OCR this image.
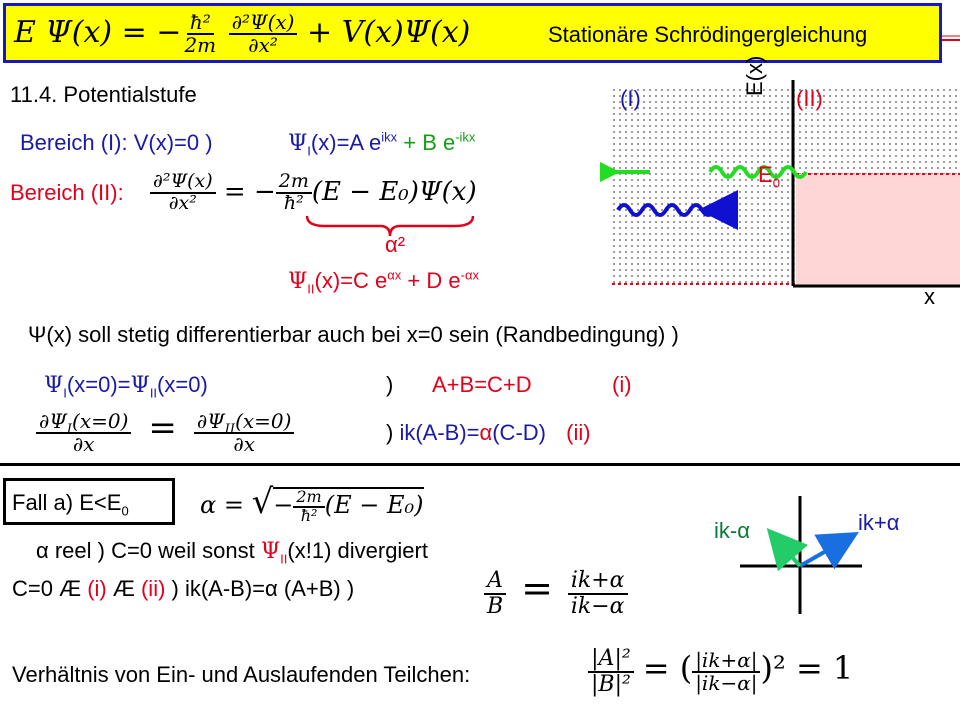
E Ψ(x) = − $\frac{\text{ħ²}}{2m}$
$\frac{\text{∂²Ψ(x)}}{\text{∂x²}} + V(x)\Psi(x)$	Stationäre Schrödingergleichung
11.4. Potentialstufe
Bereich (I): V(x)=0 )	$\Psi_I(x)=A$ $e^{ikx} + B$ $e^{-ikx}$
Bereich (II): $\frac{\text{∂²Ψ(x)}}{\text{∂x²}}$ = − $\frac{2m}{\text{ħ²}} (E - E_0)\Psi(x)$
α²
$\Psi_{II}(x)=C$ $e^{\alpha x} + D$ $e^{-\alpha x}$
(I)	(II)
E(x)
$E_0$
x
Ψ(x) soll stetig differentierbar auch bei x=0 sein (Randbedingung) )
$\Psi_I(x=0)=\Psi_{II}(x=0)$	) A+B=C+D	(i)
$\frac{\partial\Psi_I(x=0)}{\partial x} = \frac{\partial\Psi_{II}(x=0)}{\partial x}$	) ik(A-B)=α(C-D) (ii)
Fall a) $E<E_0$	α = √− $\frac{2m}{\text{ħ²}} (E - E_0)$
α reel ) C=0 weil sonst $\Psi_{II}(x!1)$ divergiert
C=0 Æ (i) Æ (ii) ) ik(A-B)=α (A+B) )	$\frac{A}{B} = \frac{ik+\alpha}{ik-\alpha}$
ik-α	ik+α
Verhältnis von Ein- und Auslaufenden Teilchen:	$\frac{\text{|A|²}}{\text{|B|²}}$ = ( $\frac{|ik+\alpha|}{|ik-\alpha|} )^2 = 1$
